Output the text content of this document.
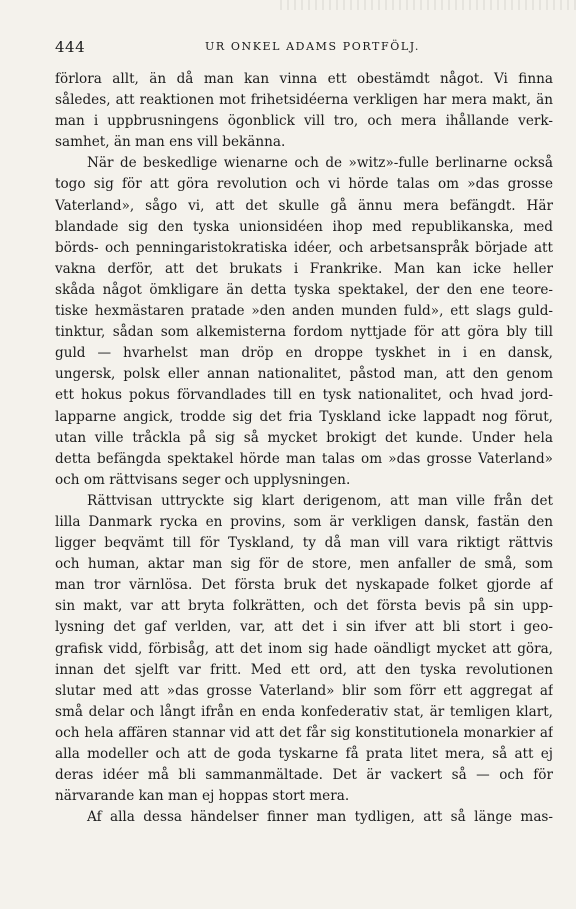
444	UR ONKEL ADAMS PORTFÖLJ.
förlora allt, än då man kan vinna ett obestämdt något. Vi finna
således, att reaktionen mot frihetsidéerna verkligen har mera makt, än
man i uppbrusningens ögonblick vill tro, och mera ihållande verk-
samhet, än man ens vill bekänna.
När de beskedlige wienarne och de »witz»-fulle berlinarne också
togo sig för att göra revolution och vi hörde talas om »das grosse
Vaterland», sågo vi, att det skulle gå ännu mera befängdt. Här
blandade sig den tyska unionsidéen ihop med republikanska, med
börds- och penningaristokratiska idéer, och arbetsanspråk började att
vakna derför, att det brukats i Frankrike. Man kan icke heller
skåda något ömkligare än detta tyska spektakel, der den ene teore-
tiske hexmästaren pratade »den anden munden fuld», ett slags guld-
tinktur, sådan som alkemisterna fordom nyttjade för att göra bly till
guld — hvarhelst man dröp en droppe tyskhet in i en dansk,
ungersk, polsk eller annan nationalitet, påstod man, att den genom
ett hokus pokus förvandlades till en tysk nationalitet, och hvad jord-
lapparne angick, trodde sig det fria Tyskland icke lappadt nog förut,
utan ville tråckla på sig så mycket brokigt det kunde. Under hela
detta befängda spektakel hörde man talas om »das grosse Vaterland»
och om rättvisans seger och upplysningen.
Rättvisan uttryckte sig klart derigenom, att man ville från det
lilla Danmark rycka en provins, som är verkligen dansk, fastän den
ligger beqvämt till för Tyskland, ty då man vill vara riktigt rättvis
och human, aktar man sig för de store, men anfaller de små, som
man tror värnlösa. Det första bruk det nyskapade folket gjorde af
sin makt, var att bryta folkrätten, och det första bevis på sin upp-
lysning det gaf verlden, var, att det i sin ifver att bli stort i geo-
grafisk vidd, förbisåg, att det inom sig hade oändligt mycket att göra,
innan det sjelft var fritt. Med ett ord, att den tyska revolutionen
slutar med att »das grosse Vaterland» blir som förr ett aggregat af
små delar och långt ifrån en enda konfederativ stat, är temligen klart,
och hela affären stannar vid att det får sig konstitutionela monarkier af
alla modeller och att de goda tyskarne få prata litet mera, så att ej
deras idéer må bli sammanmältade. Det är vackert så — och för
närvarande kan man ej hoppas stort mera.
Af alla dessa händelser finner man tydligen, att så länge mas-
